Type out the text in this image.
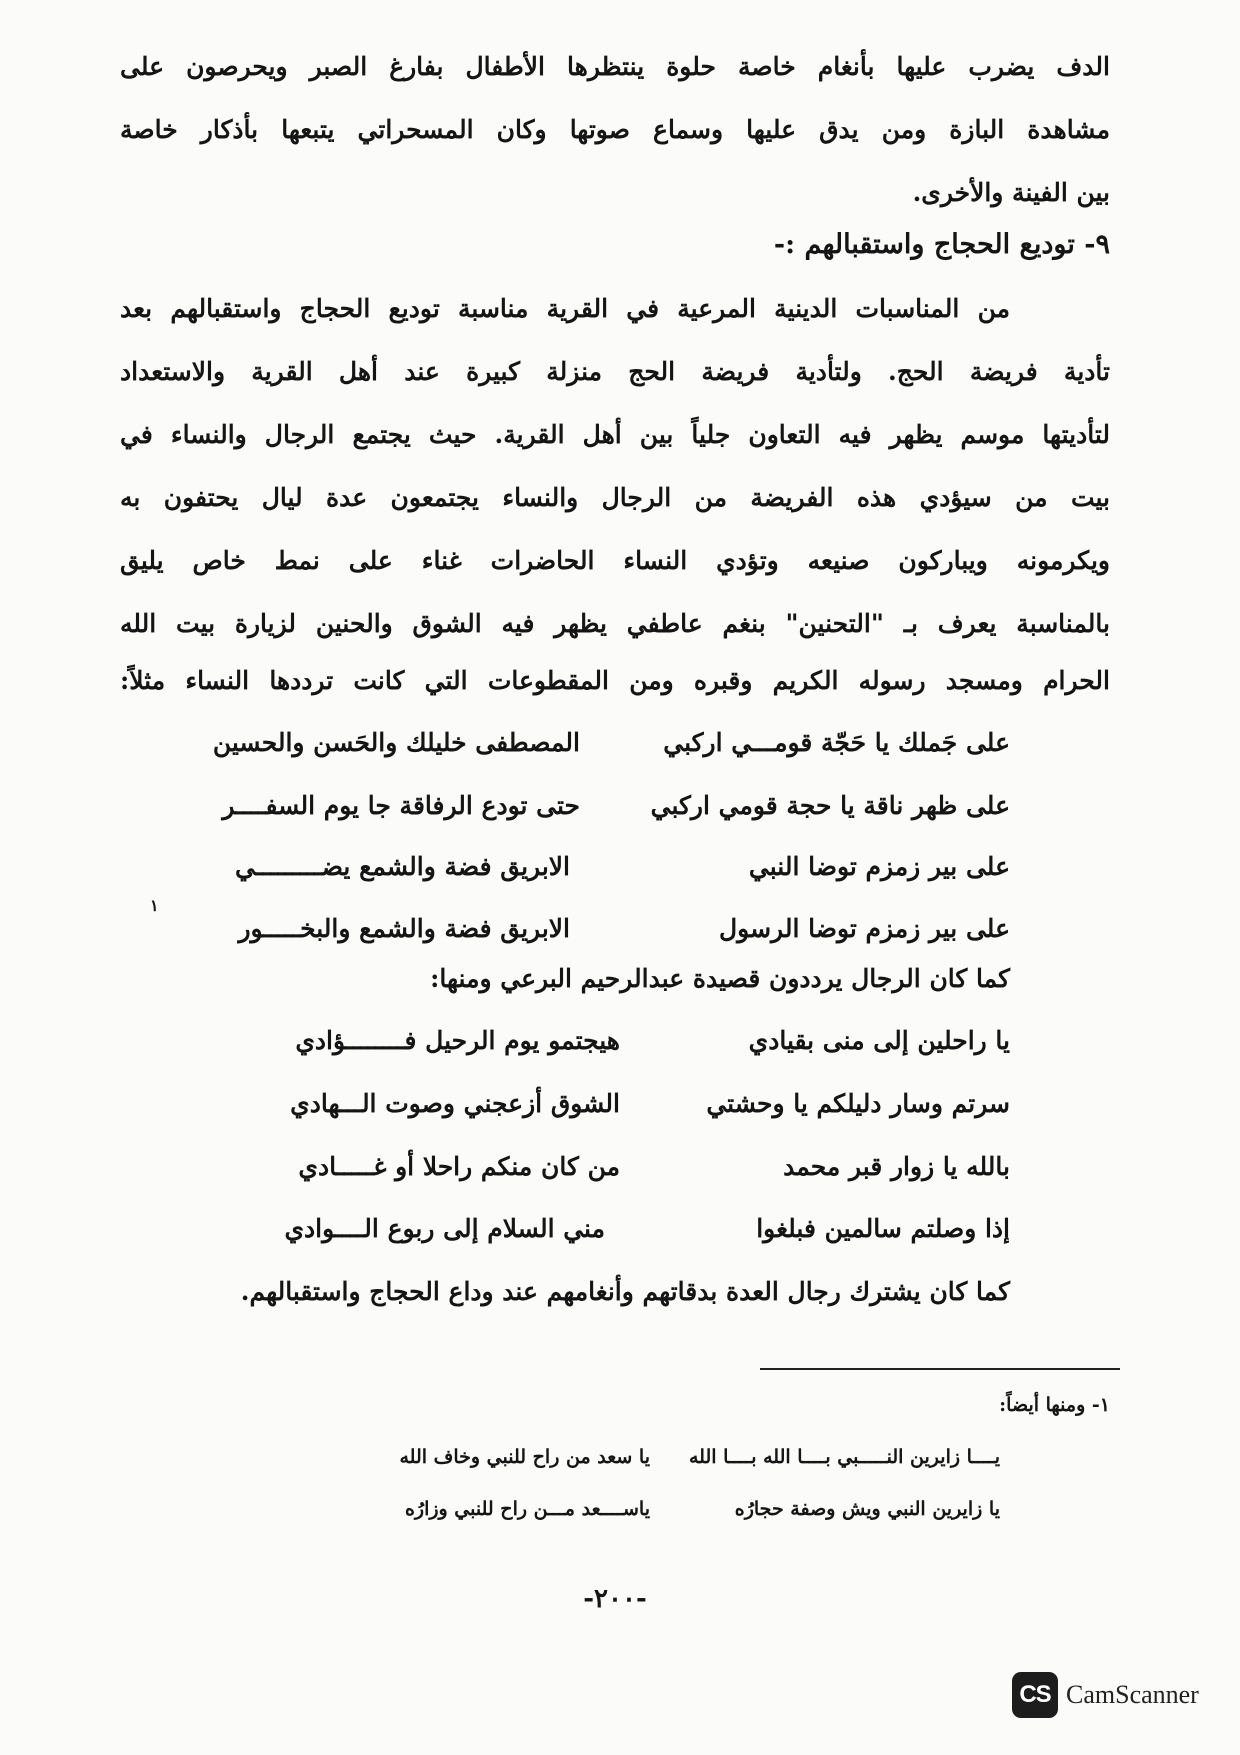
الدف يضرب عليها بأنغام خاصة حلوة ينتظرها الأطفال بفارغ الصبر ويحرصون على
مشاهدة البازة ومن يدق عليها وسماع صوتها وكان المسحراتي يتبعها بأذكار خاصة
بين الفينة والأخرى.
٩- توديع الحجاج واستقبالهم :-
من المناسبات الدينية المرعية في القرية مناسبة توديع الحجاج واستقبالهم بعد
تأدية فريضة الحج. ولتأدية فريضة الحج منزلة كبيرة عند أهل القرية والاستعداد
لتأديتها موسم يظهر فيه التعاون جلياً بين أهل القرية. حيث يجتمع الرجال والنساء في
بيت من سيؤدي هذه الفريضة من الرجال والنساء يجتمعون عدة ليال يحتفون به
ويكرمونه ويباركون صنيعه وتؤدي النساء الحاضرات غناء على نمط خاص يليق
بالمناسبة يعرف بـ "التحنين" بنغم عاطفي يظهر فيه الشوق والحنين لزيارة بيت الله
الحرام ومسجد رسوله الكريم وقبره ومن المقطوعات التي كانت ترددها النساء مثلاً:
على جَملك يا حَجّة قومـــي اركبي
المصطفى خليلك والحَسن والحسين
على ظهر ناقة يا حجة قومي اركبي
حتى تودع الرفاقة جا يوم السفــــر
على بير زمزم توضا النبي
الابريق فضة والشمع يضـــــــــي
على بير زمزم توضا الرسول
الابريق فضة والشمع والبخـــــور
١
كما كان الرجال يرددون قصيدة عبدالرحيم البرعي ومنها:
يا راحلين إلى منى بقيادي
هيجتمو يوم الرحيل فــــــــؤادي
سرتم وسار دليلكم يا وحشتي
الشوق أزعجني وصوت الـــهادي
بالله يا زوار قبر محمد
من كان منكم راحلا أو غـــــادي
إذا وصلتم سالمين فبلغوا
مني السلام إلى ربوع الــــوادي
كما كان يشترك رجال العدة بدقاتهم وأنغامهم عند وداع الحجاج واستقبالهم.
١- ومنها أيضاً:
يــــا زايرين النـــــبي بــــا الله بــــا الله
يا سعد من راح للنبي وخاف الله
يا زايرين النبي ويش وصفة حجارُه
ياســــعد مـــن راح للنبي وزارُه
-٢٠٠-
CS CamScanner
